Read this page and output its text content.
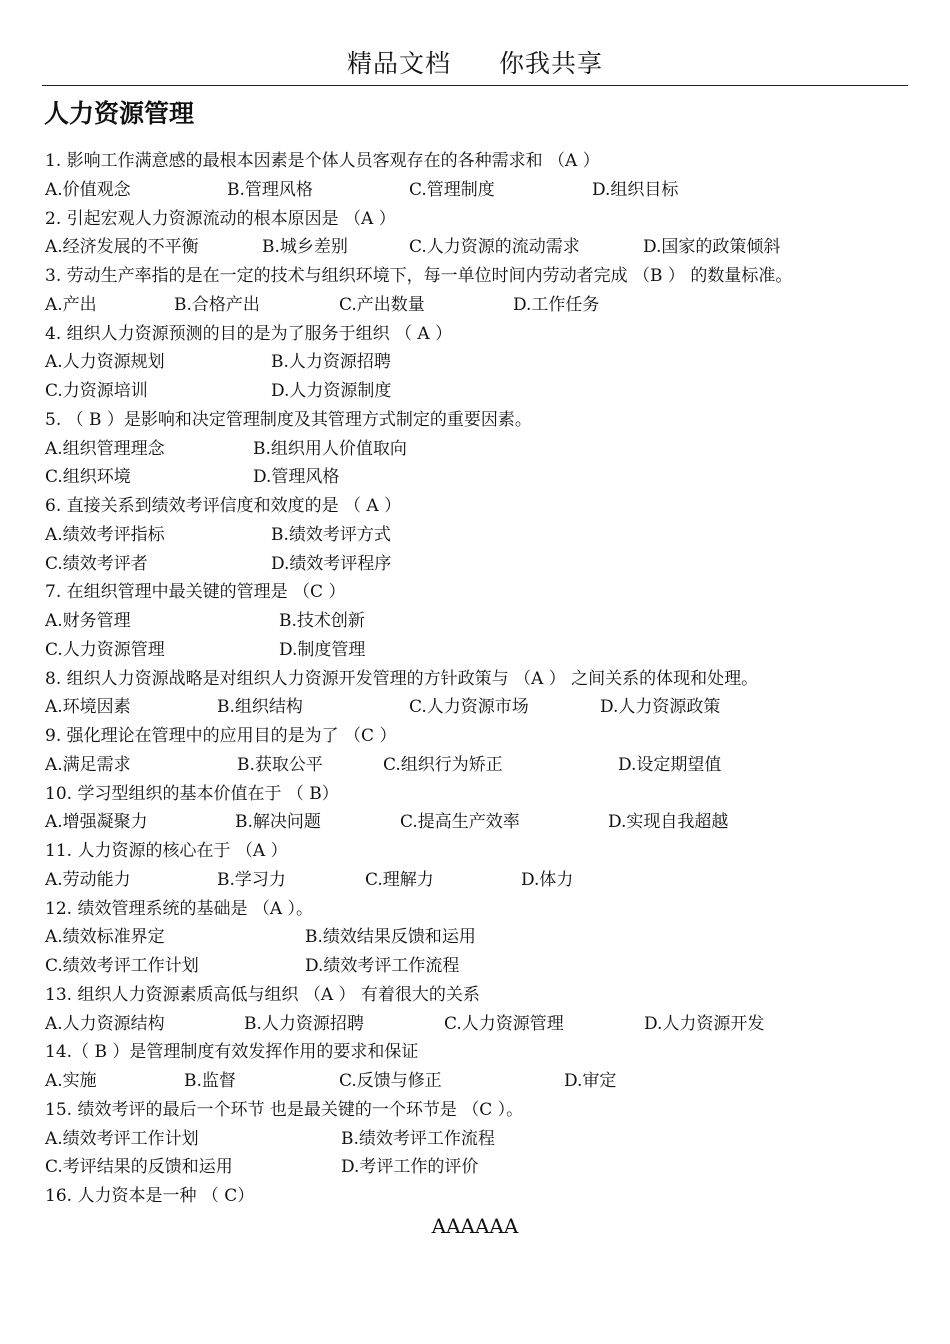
精品文档 你我共享
人力资源管理
1. 影响工作满意感的最根本因素是个体人员客观存在的各种需求和 （A ）
A.价值观念	B.管理风格	C.管理制度	D.组织目标
2. 引起宏观人力资源流动的根本原因是 （A ）
A.经济发展的不平衡	B.城乡差别	C.人力资源的流动需求	D.国家的政策倾斜
3. 劳动生产率指的是在一定的技术与组织环境下，每一单位时间内劳动者完成 （B ） 的数量标准。
A.产出	B.合格产出	C.产出数量	D.工作任务
4. 组织人力资源预测的目的是为了服务于组织 （ A ）
A.人力资源规划	B.人力资源招聘
C.力资源培训	D.人力资源制度
5. （ B ）是影响和决定管理制度及其管理方式制定的重要因素。
A.组织管理理念	B.组织用人价值取向
C.组织环境	D.管理风格
6. 直接关系到绩效考评信度和效度的是 （ A ）
A.绩效考评指标	B.绩效考评方式
C.绩效考评者	D.绩效考评程序
7. 在组织管理中最关键的管理是 （C ）
A.财务管理	B.技术创新
C.人力资源管理	D.制度管理
8. 组织人力资源战略是对组织人力资源开发管理的方针政策与 （A ） 之间关系的体现和处理。
A.环境因素	B.组织结构	C.人力资源市场	D.人力资源政策
9. 强化理论在管理中的应用目的是为了 （C ）
A.满足需求	B.获取公平	C.组织行为矫正	D.设定期望值
10. 学习型组织的基本价值在于 （ B）
A.增强凝聚力	B.解决问题	C.提高生产效率	D.实现自我超越
11. 人力资源的核心在于 （A ）
A.劳动能力	B.学习力	C.理解力	D.体力
12. 绩效管理系统的基础是 （A ）。
A.绩效标准界定	B.绩效结果反馈和运用
C.绩效考评工作计划	D.绩效考评工作流程
13. 组织人力资源素质高低与组织 （A ） 有着很大的关系
A.人力资源结构	B.人力资源招聘	C.人力资源管理	D.人力资源开发
14.（ B ）是管理制度有效发挥作用的要求和保证
A.实施	B.监督	C.反馈与修正	D.审定
15. 绩效考评的最后一个环节 也是最关键的一个环节是 （C ）。
A.绩效考评工作计划	B.绩效考评工作流程
C.考评结果的反馈和运用	D.考评工作的评价
16. 人力资本是一种 （ C）
AAAAAA
